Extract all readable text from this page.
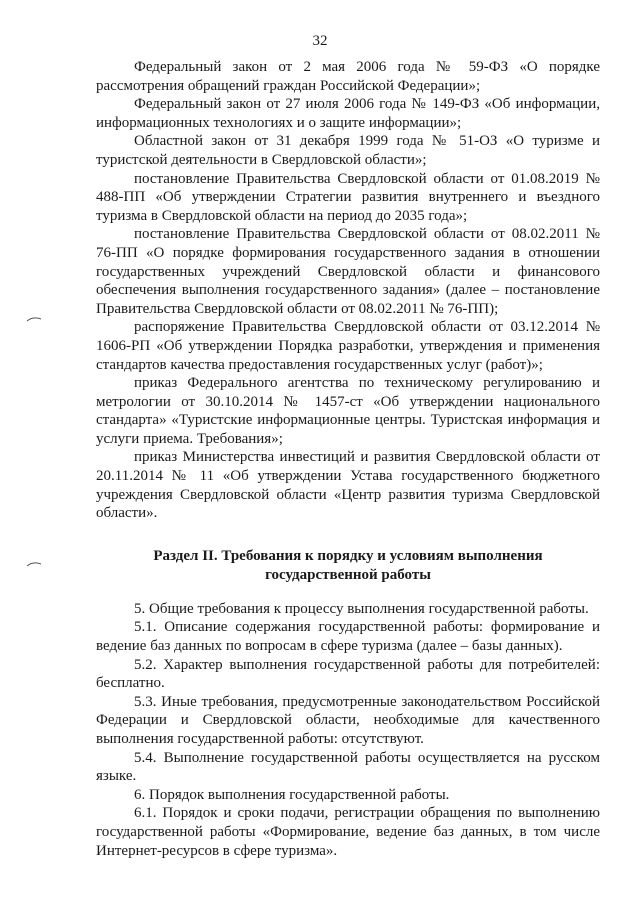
32

Федеральный закон от 2 мая 2006 года № 59-ФЗ «О порядке рассмотрения обращений граждан Российской Федерации»;

Федеральный закон от 27 июля 2006 года № 149-ФЗ «Об информации, информационных технологиях и о защите информации»;

Областной закон от 31 декабря 1999 года № 51-ОЗ «О туризме и туристской деятельности в Свердловской области»;

постановление Правительства Свердловской области от 01.08.2019 № 488-ПП «Об утверждении Стратегии развития внутреннего и въездного туризма в Свердловской области на период до 2035 года»;

постановление Правительства Свердловской области от 08.02.2011 № 76-ПП «О порядке формирования государственного задания в отношении государственных учреждений Свердловской области и финансового обеспечения выполнения государственного задания» (далее – постановление Правительства Свердловской области от 08.02.2011 № 76-ПП);

распоряжение Правительства Свердловской области от 03.12.2014 № 1606-РП «Об утверждении Порядка разработки, утверждения и применения стандартов качества предоставления государственных услуг (работ)»;

приказ Федерального агентства по техническому регулированию и метрологии от 30.10.2014 № 1457-ст «Об утверждении национального стандарта» «Туристские информационные центры. Туристская информация и услуги приема. Требования»;

приказ Министерства инвестиций и развития Свердловской области от 20.11.2014 № 11 «Об утверждении Устава государственного бюджетного учреждения Свердловской области «Центр развития туризма Свердловской области».

Раздел II. Требования к порядку и условиям выполнения
государственной работы

5. Общие требования к процессу выполнения государственной работы.

5.1. Описание содержания государственной работы: формирование и ведение баз данных по вопросам в сфере туризма (далее – базы данных).

5.2. Характер выполнения государственной работы для потребителей: бесплатно.

5.3. Иные требования, предусмотренные законодательством Российской Федерации и Свердловской области, необходимые для качественного выполнения государственной работы: отсутствуют.

5.4. Выполнение государственной работы осуществляется на русском языке.

6. Порядок выполнения государственной работы.

6.1. Порядок и сроки подачи, регистрации обращения по выполнению государственной работы «Формирование, ведение баз данных, в том числе Интернет-ресурсов в сфере туризма».
